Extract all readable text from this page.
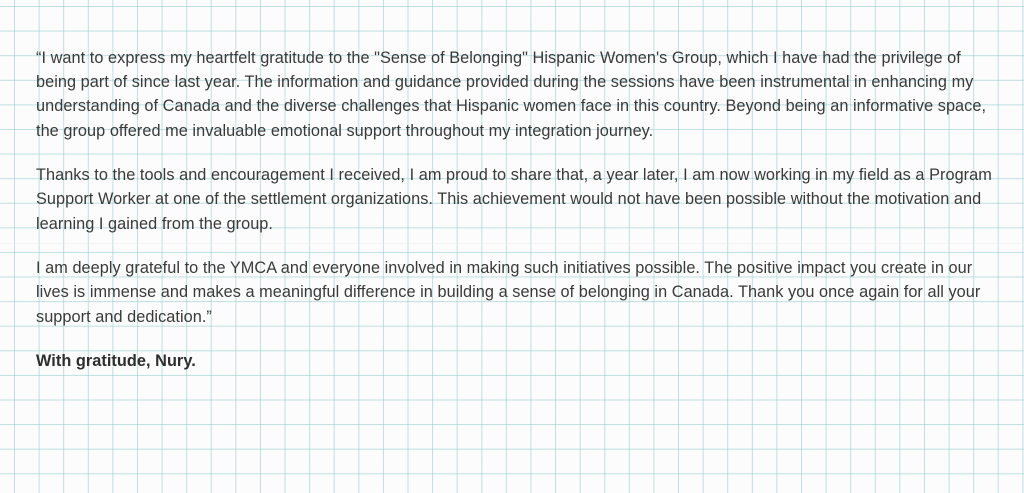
“I want to express my heartfelt gratitude to the "Sense of Belonging" Hispanic Women's Group, which I have had the privilege of being part of since last year. The information and guidance provided during the sessions have been instrumental in enhancing my understanding of Canada and the diverse challenges that Hispanic women face in this country. Beyond being an informative space, the group offered me invaluable emotional support throughout my integration journey.

Thanks to the tools and encouragement I received, I am proud to share that, a year later, I am now working in my field as a Program Support Worker at one of the settlement organizations. This achievement would not have been possible without the motivation and learning I gained from the group.

I am deeply grateful to the YMCA and everyone involved in making such initiatives possible. The positive impact you create in our lives is immense and makes a meaningful difference in building a sense of belonging in Canada. Thank you once again for all your support and dedication.”

With gratitude, Nury.
